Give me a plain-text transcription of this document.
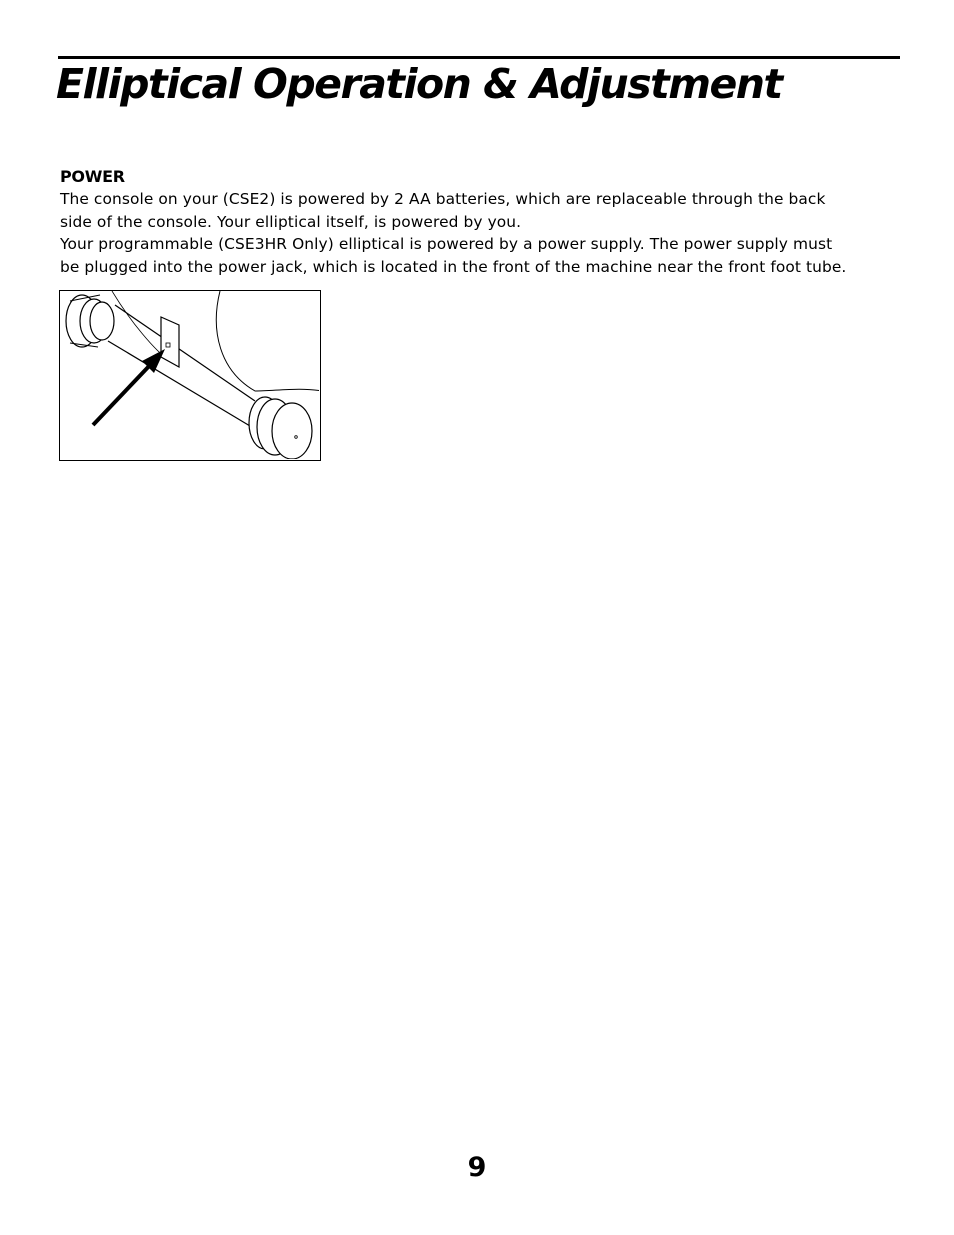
Elliptical Operation & Adjustment
POWER

The console on your (CSE2) is powered by 2 AA batteries, which are replaceable through the back

side of the console. Your elliptical itself, is powered by you.

Your programmable (CSE3HR Only) elliptical is powered by a power supply. The power supply must

be plugged into the power jack, which is located in the front of the machine near the front foot tube.

9
